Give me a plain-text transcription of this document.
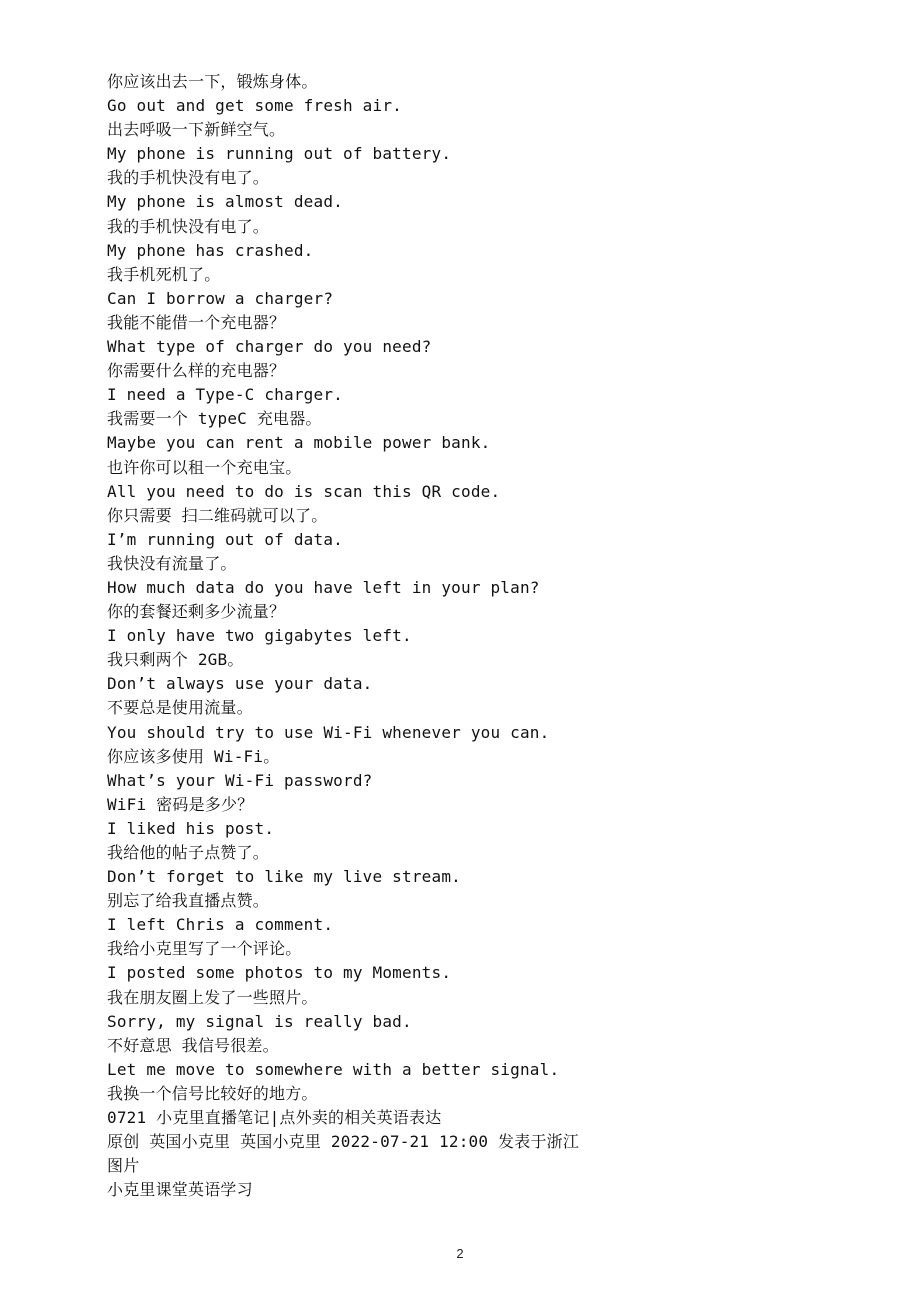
你应该出去一下，锻炼身体。
Go out and get some fresh air.
出去呼吸一下新鲜空气。
My phone is running out of battery.
我的手机快没有电了。
My phone is almost dead.
我的手机快没有电了。
My phone has crashed.
我手机死机了。
Can I borrow a charger?
我能不能借一个充电器？
What type of charger do you need?
你需要什么样的充电器？
I need a Type-C charger.
我需要一个 typeC 充电器。
Maybe you can rent a mobile power bank.
也许你可以租一个充电宝。
All you need to do is scan this QR code.
你只需要 扫二维码就可以了。
I’m running out of data.
我快没有流量了。
How much data do you have left in your plan?
你的套餐还剩多少流量？
I only have two gigabytes left.
我只剩两个 2GB。
Don’t always use your data.
不要总是使用流量。
You should try to use Wi-Fi whenever you can.
你应该多使用 Wi-Fi。
What’s your Wi-Fi password?
WiFi 密码是多少？
I liked his post.
我给他的帖子点赞了。
Don’t forget to like my live stream.
别忘了给我直播点赞。
I left Chris a comment.
我给小克里写了一个评论。
I posted some photos to my Moments.
我在朋友圈上发了一些照片。
Sorry, my signal is really bad.
不好意思 我信号很差。
Let me move to somewhere with a better signal.
我换一个信号比较好的地方。
0721 小克里直播笔记|点外卖的相关英语表达
原创 英国小克里 英国小克里 2022-07-21 12:00 发表于浙江
图片
小克里课堂英语学习
2
